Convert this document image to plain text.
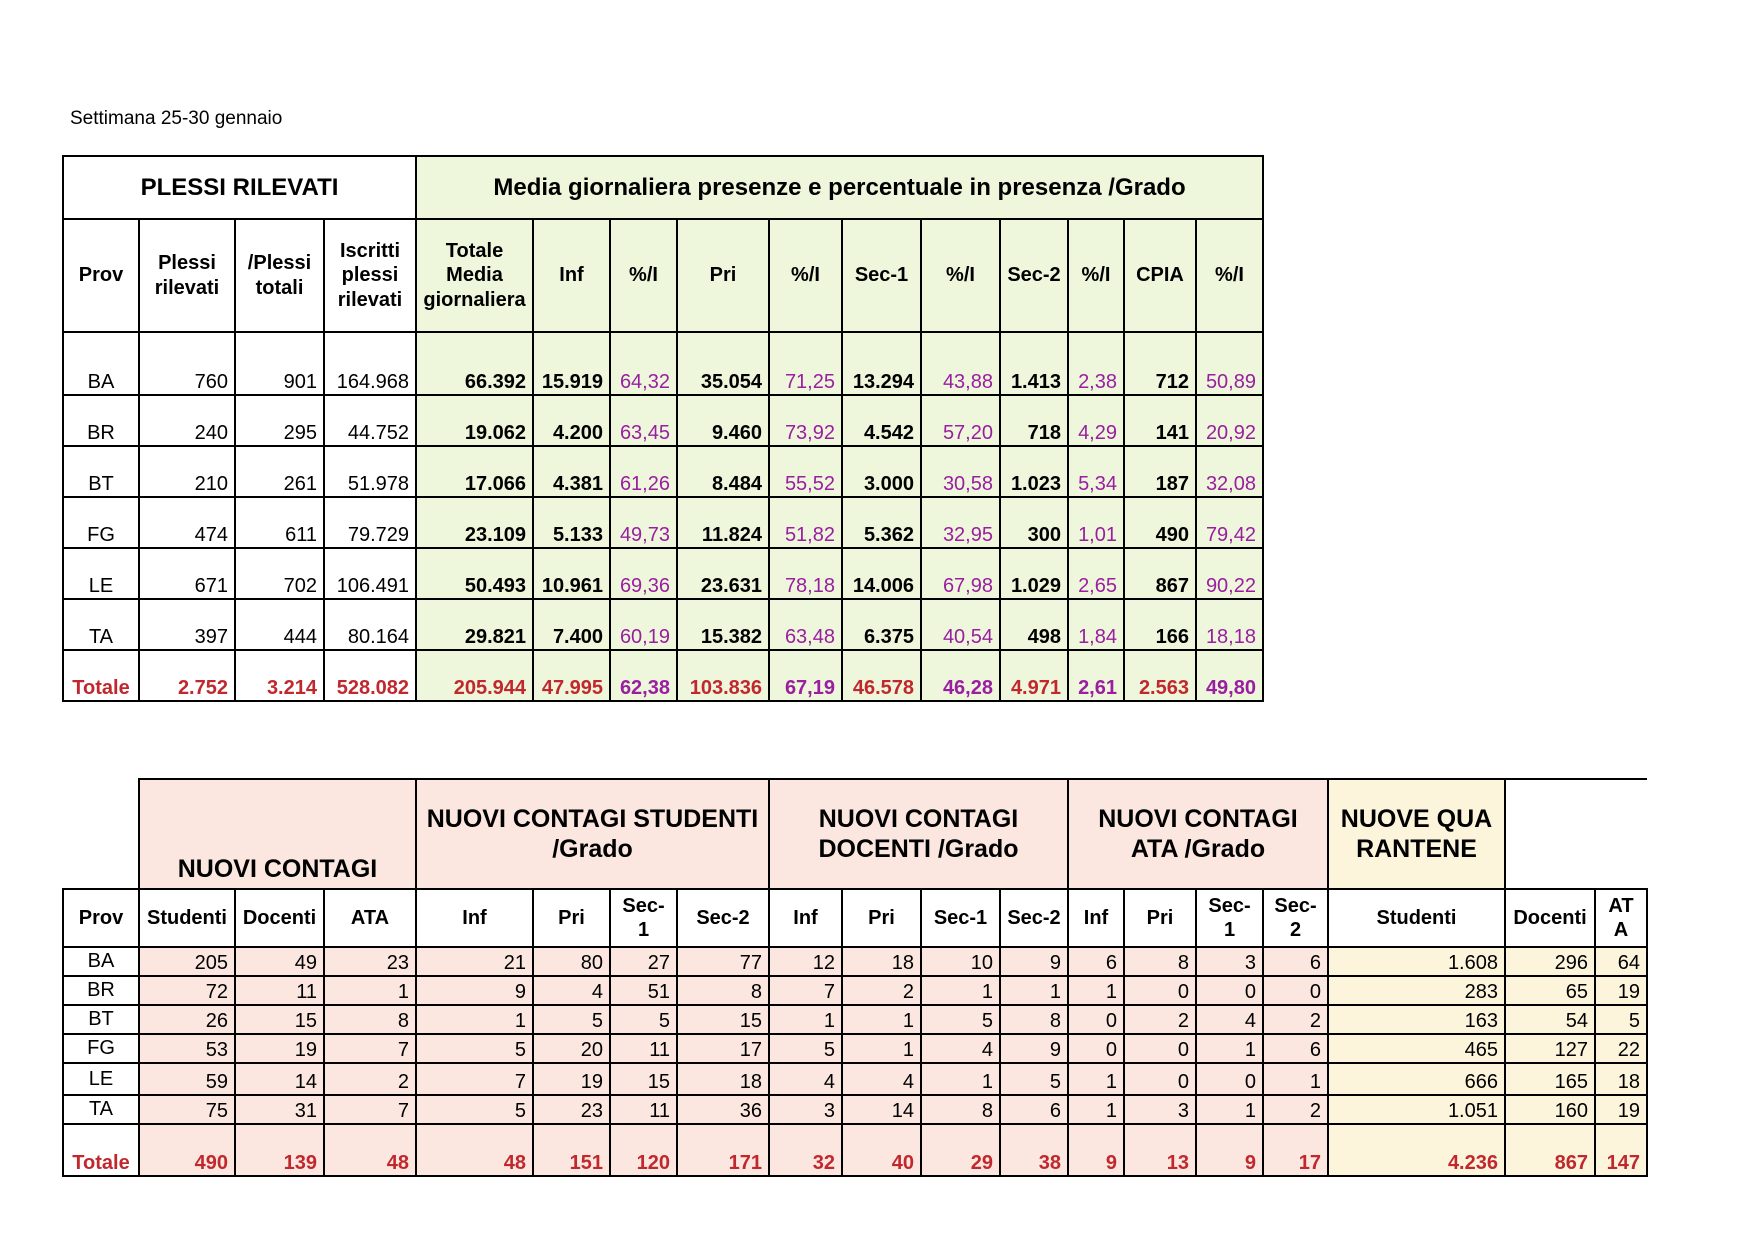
Settimana 25-30 gennaio
PLESSI RILEVATI				Media giornaliera presenze e percentuale in presenza /Grado										
Prov	Plessi rilevati	/Plessi totali	Iscritti plessi rilevati	Totale Media giornaliera	Inf	%/I	Pri	%/I	Sec-1	%/I	Sec-2	%/I	CPIA	%/I
BA	760	901	164.968	66.392	15.919	64,32	35.054	71,25	13.294	43,88	1.413	2,38	712	50,89
BR	240	295	44.752	19.062	4.200	63,45	9.460	73,92	4.542	57,20	718	4,29	141	20,92
BT	210	261	51.978	17.066	4.381	61,26	8.484	55,52	3.000	30,58	1.023	5,34	187	32,08
FG	474	611	79.729	23.109	5.133	49,73	11.824	51,82	5.362	32,95	300	1,01	490	79,42
LE	671	702	106.491	50.493	10.961	69,36	23.631	78,18	14.006	67,98	1.029	2,65	867	90,22
TA	397	444	80.164	29.821	7.400	60,19	15.382	63,48	6.375	40,54	498	1,84	166	18,18
Totale	2.752	3.214	528.082	205.944	47.995	62,38	103.836	67,19	46.578	46,28	4.971	2,61	2.563	49,80
	NUOVI CONTAGI			NUOVI CONTAGI STUDENTI /Grado				NUOVI CONTAGI DOCENTI /Grado				NUOVI CONTAGI ATA /Grado				NUOVE QUARANTENE		
Prov	Studenti	Docenti	ATA	Inf	Pri	Sec-1	Sec-2	Inf	Pri	Sec-1	Sec-2	Inf	Pri	Sec-1	Sec-2	Studenti	Docenti	ATA
BA	205	49	23	21	80	27	77	12	18	10	9	6	8	3	6	1.608	296	64
BR	72	11	1	9	4	51	8	7	2	1	1	1	0	0	0	283	65	19
BT	26	15	8	1	5	5	15	1	1	5	8	0	2	4	2	163	54	5
FG	53	19	7	5	20	11	17	5	1	4	9	0	0	1	6	465	127	22
LE	59	14	2	7	19	15	18	4	4	1	5	1	0	0	1	666	165	18
TA	75	31	7	5	23	11	36	3	14	8	6	1	3	1	2	1.051	160	19
Totale	490	139	48	48	151	120	171	32	40	29	38	9	13	9	17	4.236	867	147
